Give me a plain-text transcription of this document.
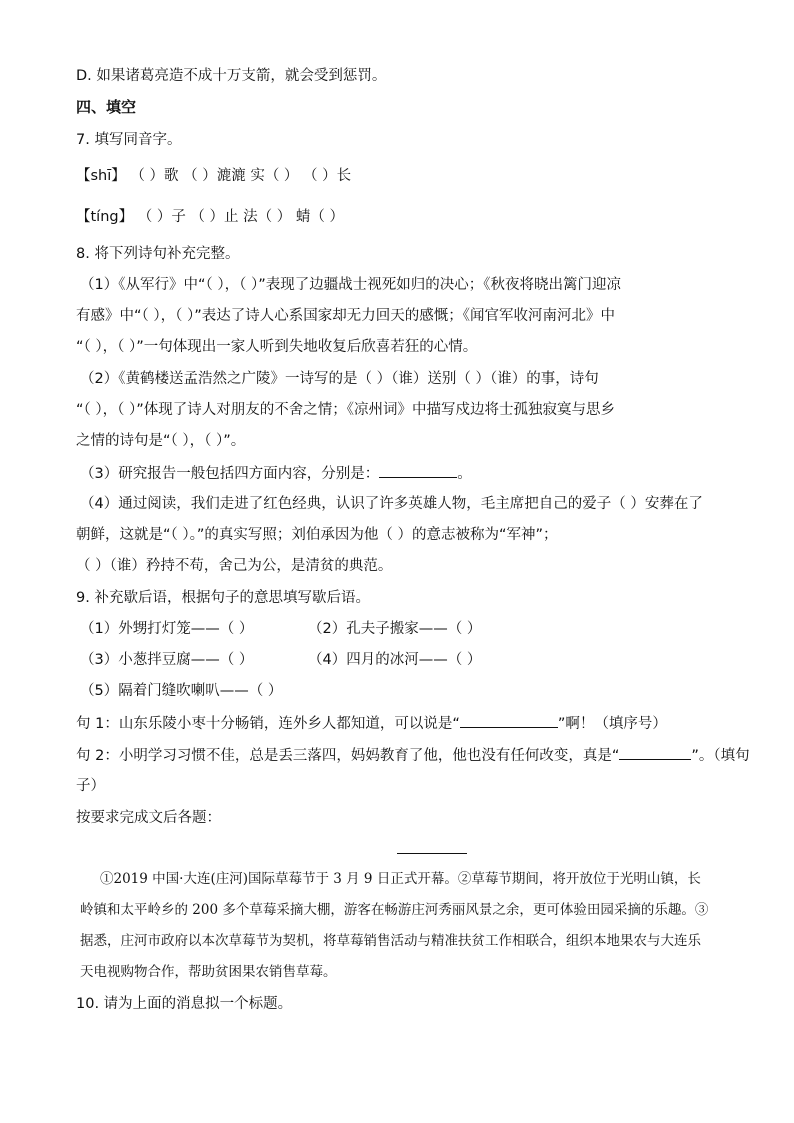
D. 如果诸葛亮造不成十万支箭，就会受到惩罚。
四、填空
7. 填写同音字。
【shī】 （ ）歌 （ ）漉漉 实（ ） （ ）长
【tíng】 （ ）子 （ ）止 法（ ） 蜻（ ）
8. 将下列诗句补充完整。
（1）《从军行》中“（ ），（ ）”表现了边疆战士视死如归的决心；《秋夜将晓出篱门迎凉
有感》中“（ ），（ ）”表达了诗人心系国家却无力回天的感慨；《闻官军收河南河北》中
“（ ），（ ）”一句体现出一家人听到失地收复后欣喜若狂的心情。
（2）《黄鹤楼送孟浩然之广陵》一诗写的是（ ）（谁）送别（ ）（谁）的事，诗句
“（ ），（ ）”体现了诗人对朋友的不舍之情；《凉州词》中描写戍边将士孤独寂寞与思乡
之情的诗句是“（ ），（ ）”。
（3）研究报告一般包括四方面内容，分别是：	。
（4）通过阅读，我们走进了红色经典，认识了许多英雄人物，毛主席把自己的爱子（ ）安葬在了
朝鲜，这就是“（ ）。”的真实写照；刘伯承因为他（ ）的意志被称为“军神”；
（ ）（谁）矜持不苟，舍己为公，是清贫的典范。
9. 补充歇后语，根据句子的意思填写歇后语。
（1）外甥打灯笼——（ ）	（2）孔夫子搬家——（ ）
（3）小葱拌豆腐——（ ）	（4）四月的冰河——（ ）
（5）隔着门缝吹喇叭——（ ）
句 1：山东乐陵小枣十分畅销，连外乡人都知道，可以说是“	”啊！（填序号）
句 2：小明学习习惯不佳，总是丢三落四，妈妈教育了他，他也没有任何改变，真是“	”。（填句
子）
按要求完成文后各题：
①2019 中国·大连(庄河)国际草莓节于 3 月 9 日正式开幕。②草莓节期间，将开放位于光明山镇，长
岭镇和太平岭乡的 200 多个草莓采摘大棚，游客在畅游庄河秀丽风景之余，更可体验田园采摘的乐趣。③
据悉，庄河市政府以本次草莓节为契机，将草莓销售活动与精准扶贫工作相联合，组织本地果农与大连乐
天电视购物合作，帮助贫困果农销售草莓。
10. 请为上面的消息拟一个标题。
